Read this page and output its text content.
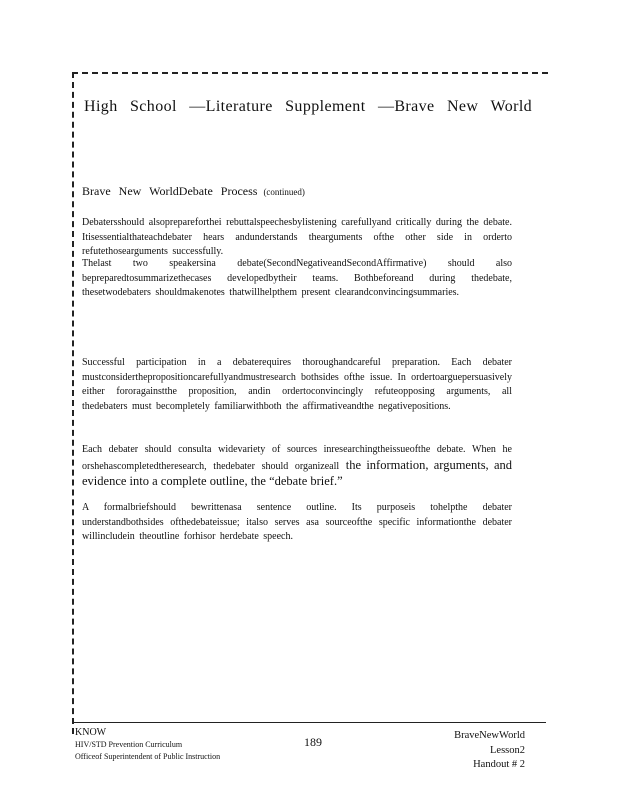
High School —Literature Supplement —Brave New World
Brave New WorldDebate Process (continued)
Debatersshould alsoprepareforthei rebuttalspeechesbylistening carefullyand critically during the debate. Itisessentialthateachdebater hears andunderstands thearguments ofthe other side in orderto refutethosearguments successfully.
Thelast two speakersina debate(SecondNegativeandSecondAffirmative) should also bepreparedtosummarizethecases developedbytheir teams. Bothbeforeand during thedebate, thesetwodebaters shouldmakenotes thatwillhelpthem present clearandconvincingsummaries.
Successful participation in a debaterequires thoroughandcareful preparation. Each debater mustconsiderthepropositioncarefullyandmustresearch bothsides ofthe issue. In ordertoarguepersuasively either fororagainstthe proposition, andin ordertoconvincingly refuteopposing arguments, all thedebaters must becompletely familiarwithboth the affirmativeandthe negativepositions.
Each debater should consulta widevariety of sources inresearchingtheissueofthe debate. When he orshehascompletedtheresearch, thedebater should organizeall the information, arguments, and evidence into a complete outline, the “debate brief.”
A formalbriefshould bewrittenasa sentence outline. Its purposeis tohelpthe debater understandbothsides ofthedebateissue; italso serves asa sourceofthe specific informationthe debater willincludein theoutline forhisor herdebate speech.
KNOW
HIV/STD Prevention Curriculum
Officeof Superintendent of Public Instruction
189	BraveNewWorld
Lesson2
Handout # 2
